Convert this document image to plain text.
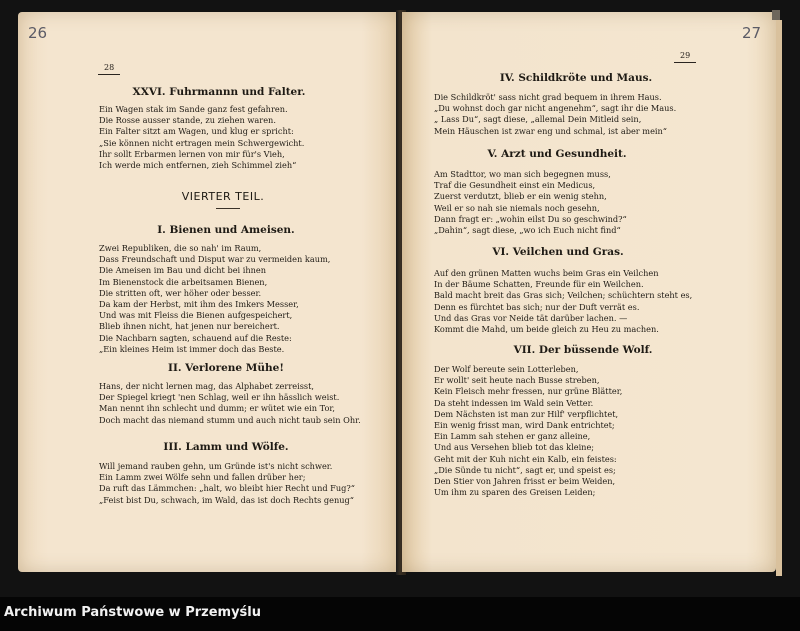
26
28
XXVI. Fuhrmannn und Falter.
Ein Wagen stak im Sande ganz fest gefahren.
Die Rosse ausser stande, zu ziehen waren.
Ein Falter sitzt am Wagen, und klug er spricht:
„Sie können nicht ertragen mein Schwergewicht.
Ihr sollt Erbarmen lernen von mir für's Vieh,
Ich werde mich entfernen, zieh Schimmel zieh“
VIERTER TEIL.
I. Bienen und Ameisen.
Zwei Republiken, die so nah' im Raum,
Dass Freundschaft und Disput war zu vermeiden kaum,
Die Ameisen im Bau und dicht bei ihnen
Im Bienenstock die arbeitsamen Bienen,
Die stritten oft, wer höher oder besser.
Da kam der Herbst, mit ihm des Imkers Messer,
Und was mit Fleiss die Bienen aufgespeichert,
Blieb ihnen nicht, hat jenen nur bereichert.
Die Nachbarn sagten, schauend auf die Reste:
„Ein kleines Heim ist immer doch das Beste.
II. Verlorene Mühe!
Hans, der nicht lernen mag, das Alphabet zerreisst,
Der Spiegel kriegt 'nen Schlag, weil er ihn hässlich weist.
Man nennt ihn schlecht und dumm; er wütet wie ein Tor,
Doch macht das niemand stumm und auch nicht taub sein Ohr.
III. Lamm und Wölfe.
Will jemand rauben gehn, um Gründe ist's nicht schwer.
Ein Lamm zwei Wölfe sehn und fallen drüber her;
Da ruft das Lämmchen: „halt, wo bleibt hier Recht und Fug?“
„Feist bist Du, schwach, im Wald, das ist doch Rechts genug“
27
29
IV. Schildkröte und Maus.
Die Schildkröt' sass nicht grad bequem in ihrem Haus.
„Du wohnst doch gar nicht angenehm“, sagt ihr die Maus.
„ Lass Du“, sagt diese, „allemal Dein Mitleid sein,
Mein Häuschen ist zwar eng und schmal, ist aber mein“
V. Arzt und Gesundheit.
Am Stadttor, wo man sich begegnen muss,
Traf die Gesundheit einst ein Medicus,
Zuerst verdutzt, blieb er ein wenig stehn,
Weil er so nah sie niemals noch gesehn,
Dann fragt er: „wohin eilst Du so geschwind?“
„Dahin“, sagt diese, „wo ich Euch nicht find“
VI. Veilchen und Gras.
Auf den grünen Matten wuchs beim Gras ein Veilchen
In der Bäume Schatten, Freunde für ein Weilchen.
Bald macht breit das Gras sich; Veilchen; schüchtern steht es,
Denn es fürchtet bas sich; nur der Duft verrät es.
Und das Gras vor Neide tät darüber lachen. —
Kommt die Mahd, um beide gleich zu Heu zu machen.
VII. Der büssende Wolf.
Der Wolf bereute sein Lotterleben,
Er wollt' seit heute nach Busse streben,
Kein Fleisch mehr fressen, nur grüne Blätter,
Da steht indessen im Wald sein Vetter.
Dem Nächsten ist man zur Hilf' verpflichtet,
Ein wenig frisst man, wird Dank entrichtet;
Ein Lamm sah stehen er ganz alleine,
Und aus Versehen blieb tot das kleine;
Geht mit der Kuh nicht ein Kalb, ein feistes:
„Die Sünde tu nicht“, sagt er, und speist es;
Den Stier von Jahren frisst er beim Weiden,
Um ihm zu sparen des Greisen Leiden;
Archiwum Państwowe w Przemyślu
